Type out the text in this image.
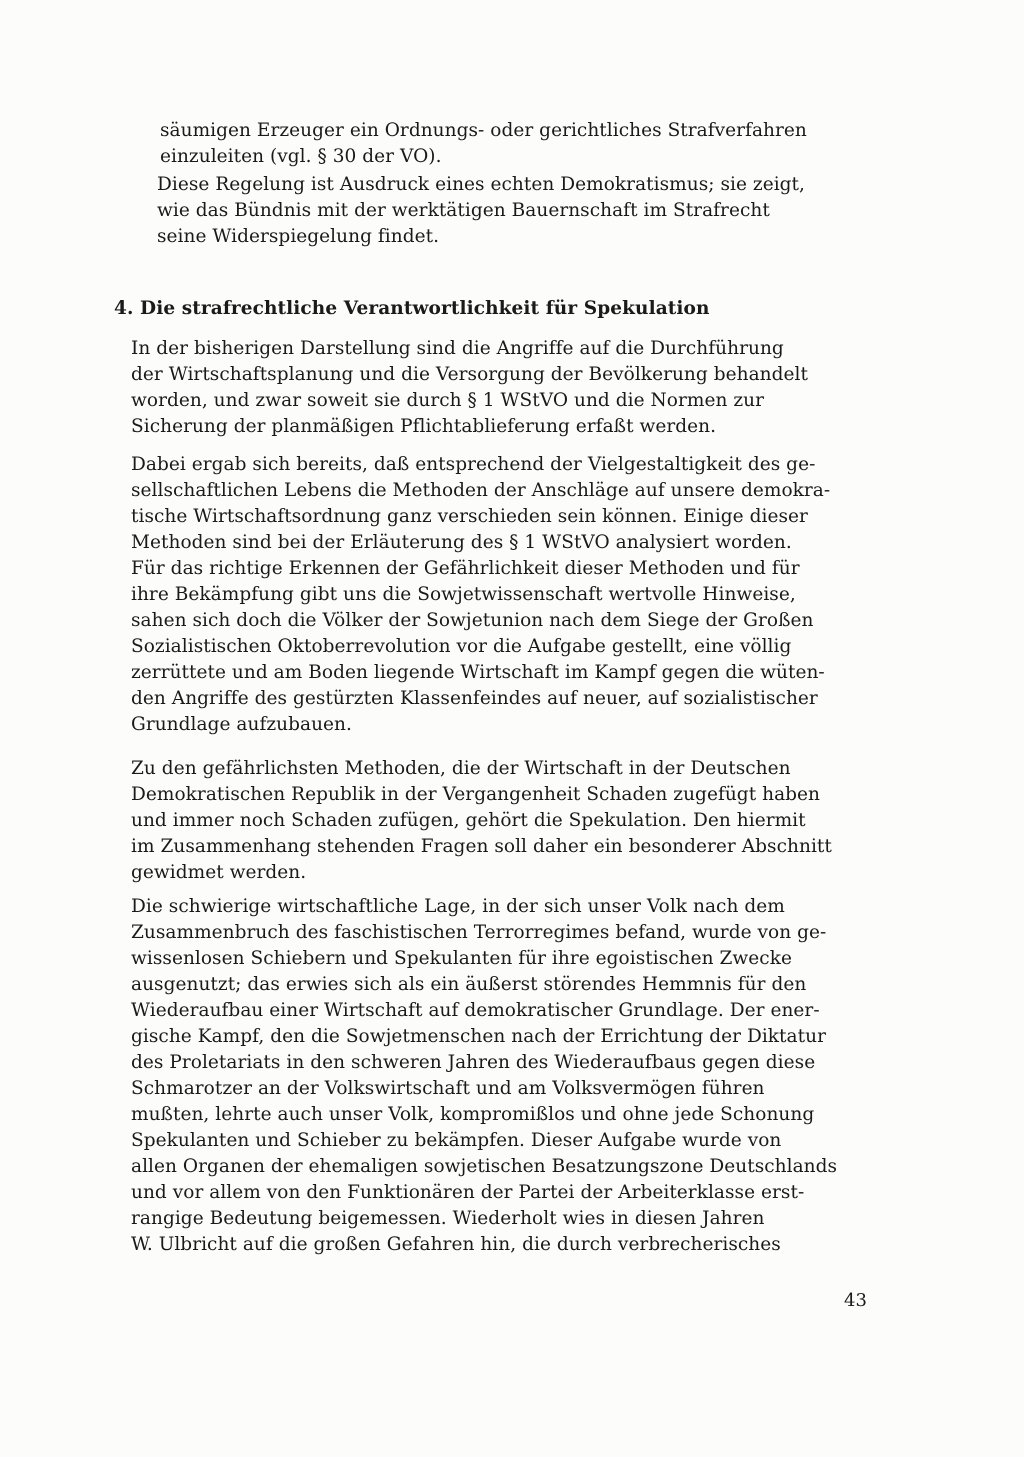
säumigen Erzeuger ein Ordnungs- oder gerichtliches Strafverfahren
einzuleiten (vgl. § 30 der VO).

Diese Regelung ist Ausdruck eines echten Demokratismus; sie zeigt,
wie das Bündnis mit der werktätigen Bauernschaft im Strafrecht
seine Widerspiegelung findet.

4. Die strafrechtliche Verantwortlichkeit für Spekulation

In der bisherigen Darstellung sind die Angriffe auf die Durchführung
der Wirtschaftsplanung und die Versorgung der Bevölkerung behandelt
worden, und zwar soweit sie durch § 1 WStVO und die Normen zur
Sicherung der planmäßigen Pflichtablieferung erfaßt werden.

Dabei ergab sich bereits, daß entsprechend der Vielgestaltigkeit des ge-
sellschaftlichen Lebens die Methoden der Anschläge auf unsere demokra-
tische Wirtschaftsordnung ganz verschieden sein können. Einige dieser
Methoden sind bei der Erläuterung des § 1 WStVO analysiert worden.
Für das richtige Erkennen der Gefährlichkeit dieser Methoden und für
ihre Bekämpfung gibt uns die Sowjetwissenschaft wertvolle Hinweise,
sahen sich doch die Völker der Sowjetunion nach dem Siege der Großen
Sozialistischen Oktoberrevolution vor die Aufgabe gestellt, eine völlig
zerrüttete und am Boden liegende Wirtschaft im Kampf gegen die wüten-
den Angriffe des gestürzten Klassenfeindes auf neuer, auf sozialistischer
Grundlage aufzubauen.

Zu den gefährlichsten Methoden, die der Wirtschaft in der Deutschen
Demokratischen Republik in der Vergangenheit Schaden zugefügt haben
und immer noch Schaden zufügen, gehört die Spekulation. Den hiermit
im Zusammenhang stehenden Fragen soll daher ein besonderer Abschnitt
gewidmet werden.

Die schwierige wirtschaftliche Lage, in der sich unser Volk nach dem
Zusammenbruch des faschistischen Terrorregimes befand, wurde von ge-
wissenlosen Schiebern und Spekulanten für ihre egoistischen Zwecke
ausgenutzt; das erwies sich als ein äußerst störendes Hemmnis für den
Wiederaufbau einer Wirtschaft auf demokratischer Grundlage. Der ener-
gische Kampf, den die Sowjetmenschen nach der Errichtung der Diktatur
des Proletariats in den schweren Jahren des Wiederaufbaus gegen diese
Schmarotzer an der Volkswirtschaft und am Volksvermögen führen
mußten, lehrte auch unser Volk, kompromißlos und ohne jede Schonung
Spekulanten und Schieber zu bekämpfen. Dieser Aufgabe wurde von
allen Organen der ehemaligen sowjetischen Besatzungszone Deutschlands
und vor allem von den Funktionären der Partei der Arbeiterklasse erst-
rangige Bedeutung beigemessen. Wiederholt wies in diesen Jahren
W. Ulbricht auf die großen Gefahren hin, die durch verbrecherisches

43
